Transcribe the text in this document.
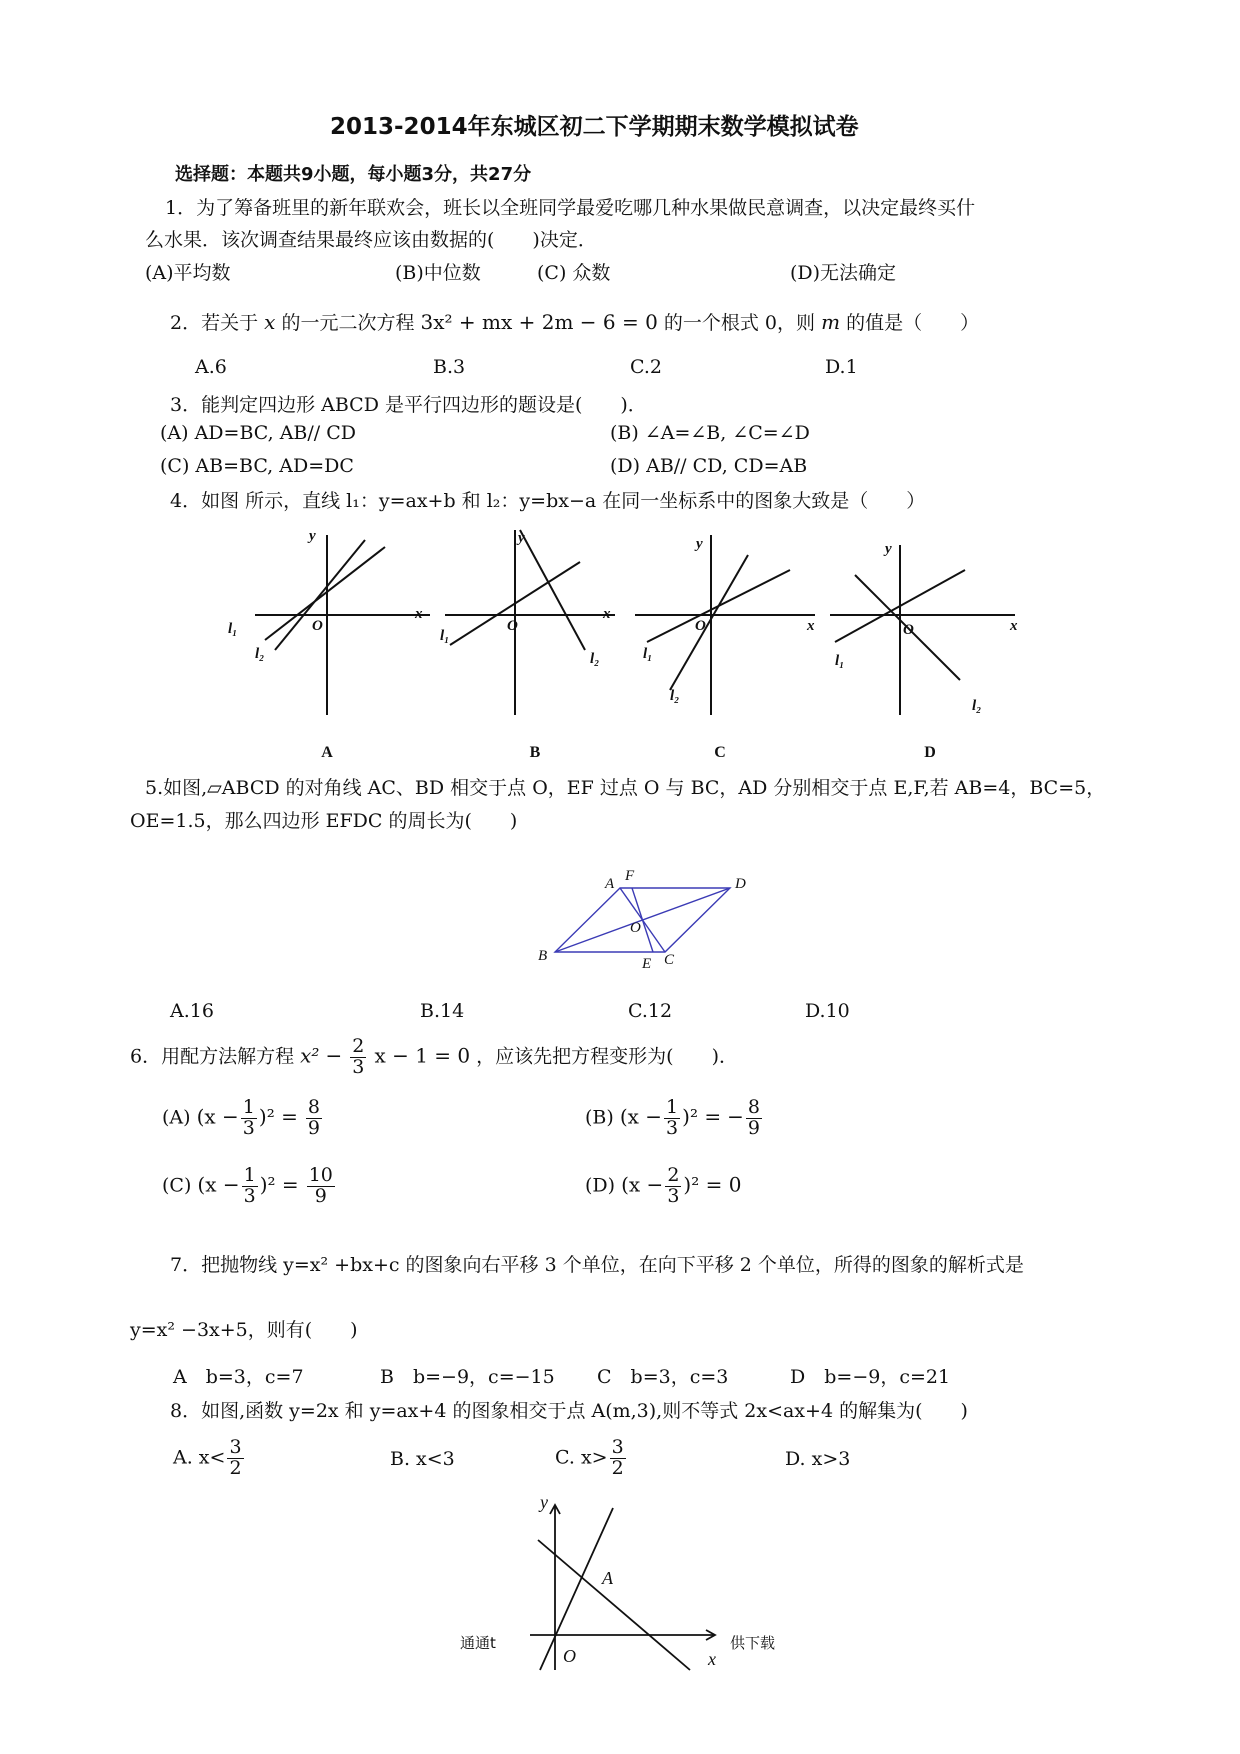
2013-2014年东城区初二下学期期末数学模拟试卷
选择题：本题共9小题，每小题3分，共27分
1．为了筹备班里的新年联欢会，班长以全班同学最爱吃哪几种水果做民意调查，以决定最终买什
么水果．该次调查结果最终应该由数据的(　　)决定．
(A)平均数	(B)中位数	(C) 众数	(D)无法确定
2．若关于 x 的一元二次方程 3x² + mx + 2m − 6 = 0 的一个根式 0，则 m 的值是（　　）
A.6	B.3	C.2	D.1
3．能判定四边形 ABCD 是平行四边形的题设是(　　)．
(A) AD=BC, AB// CD	(B) ∠A=∠B, ∠C=∠D
(C) AB=BC, AD=DC	(D) AB// CD, CD=AB
4．如图 所示，直线 l₁：y=ax+b 和 l₂：y=bx−a 在同一坐标系中的图象大致是（　　）
y
x
O
l₁
l₂
y
x
O
l₁
l₂
y
x
O
l₁
l₂
y
x
O
l₁
l₂
A	B	C	D
5.如图,▱ABCD 的对角线 AC、BD 相交于点 O，EF 过点 O 与 BC，AD 分别相交于点 E,F,若 AB=4，BC=5，
OE=1.5，那么四边形 EFDC 的周长为(　　)
A F	D
O
B	E C
A.16	B.14	C.12	D.10
6．用配方法解方程 $x^2 - \frac{2}{3}$ x − 1 = 0 ，应该先把方程变形为(　　)．
(A) $(x - \frac{1}{3} )^2 = \frac{8}{9}$	(B) $(x - \frac{1}{3} )^2$ = − $\frac{8}{9}$
(C) $(x - \frac{1}{3} )^2 = \frac{10}{9}$	(D) $(x - \frac{2}{3} )^2 = 0$
7．把抛物线 y=x² +bx+c 的图象向右平移 3 个单位，在向下平移 2 个单位，所得的图象的解析式是
y=x² −3x+5，则有(　　)
A　b=3，c=7	B　b=−9，c=−15 C　b=3，c=3	D　b=−9，c=21
8．如图,函数 y=2x 和 y=ax+4 的图象相交于点 A(m,3),则不等式 2x<ax+4 的解集为(　　)
A. $x< \frac{3}{2}$	B. x<3	C. $x> \frac{3}{2}$	D. x>3
y
x
O
A
通通t	供下载
